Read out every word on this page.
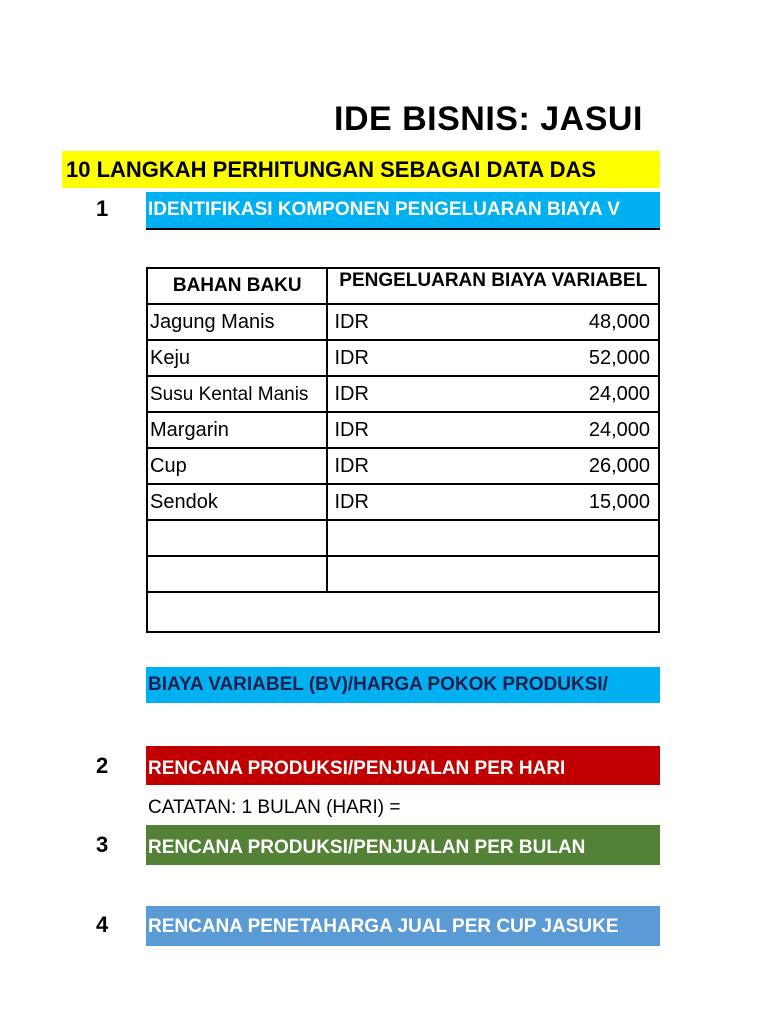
IDE BISNIS: JASUI
10 LANGKAH PERHITUNGAN SEBAGAI DATA DAS
1 IDENTIFIKASI KOMPONEN PENGELUARAN BIAYA V
BAHAN BAKU	PENGELUARAN BIAYA VARIABEL

Jagung Manis	IDR 48,000

Keju	IDR 52,000

Susu Kental Manis	IDR 24,000

Margarin	IDR 24,000

Cup	IDR 26,000

Sendok	IDR 15,000

BIAYA VARIABEL (BV)/HARGA POKOK PRODUKSI/
2 RENCANA PRODUKSI/PENJUALAN PER HARI
CATATAN: 1 BULAN (HARI) =
3 RENCANA PRODUKSI/PENJUALAN PER BULAN
4 RENCANA PENETAHARGA JUAL PER CUP JASUKE
